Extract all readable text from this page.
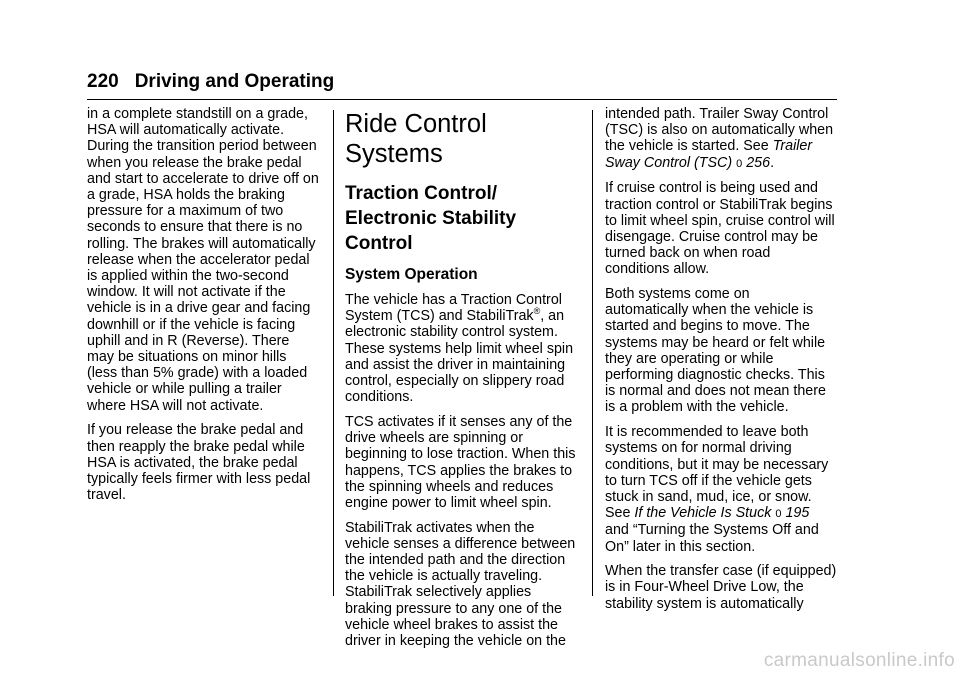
220 Driving and Operating

in a complete standstill on a grade, HSA will automatically activate. During the transition period between when you release the brake pedal and start to accelerate to drive off on a grade, HSA holds the braking pressure for a maximum of two seconds to ensure that there is no rolling. The brakes will automatically release when the accelerator pedal is applied within the two-second window. It will not activate if the vehicle is in a drive gear and facing downhill or if the vehicle is facing uphill and in R (Reverse). There may be situations on minor hills (less than 5% grade) with a loaded vehicle or while pulling a trailer where HSA will not activate.

If you release the brake pedal and then reapply the brake pedal while HSA is activated, the brake pedal typically feels firmer with less pedal travel.

Ride Control Systems
Traction Control/ Electronic Stability Control
System Operation

The vehicle has a Traction Control System (TCS) and StabiliTrak®, an electronic stability control system. These systems help limit wheel spin and assist the driver in maintaining control, especially on slippery road conditions.

TCS activates if it senses any of the drive wheels are spinning or beginning to lose traction. When this happens, TCS applies the brakes to the spinning wheels and reduces engine power to limit wheel spin.

StabiliTrak activates when the vehicle senses a difference between the intended path and the direction the vehicle is actually traveling. StabiliTrak selectively applies braking pressure to any one of the vehicle wheel brakes to assist the driver in keeping the vehicle on the

intended path. Trailer Sway Control (TSC) is also on automatically when the vehicle is started. See Trailer Sway Control (TSC) 0 256.

If cruise control is being used and traction control or StabiliTrak begins to limit wheel spin, cruise control will disengage. Cruise control may be turned back on when road conditions allow.

Both systems come on automatically when the vehicle is started and begins to move. The systems may be heard or felt while they are operating or while performing diagnostic checks. This is normal and does not mean there is a problem with the vehicle.

It is recommended to leave both systems on for normal driving conditions, but it may be necessary to turn TCS off if the vehicle gets stuck in sand, mud, ice, or snow. See If the Vehicle Is Stuck 0 195 and “Turning the Systems Off and On” later in this section.

When the transfer case (if equipped) is in Four-Wheel Drive Low, the stability system is automatically

carmanualsonline.info
